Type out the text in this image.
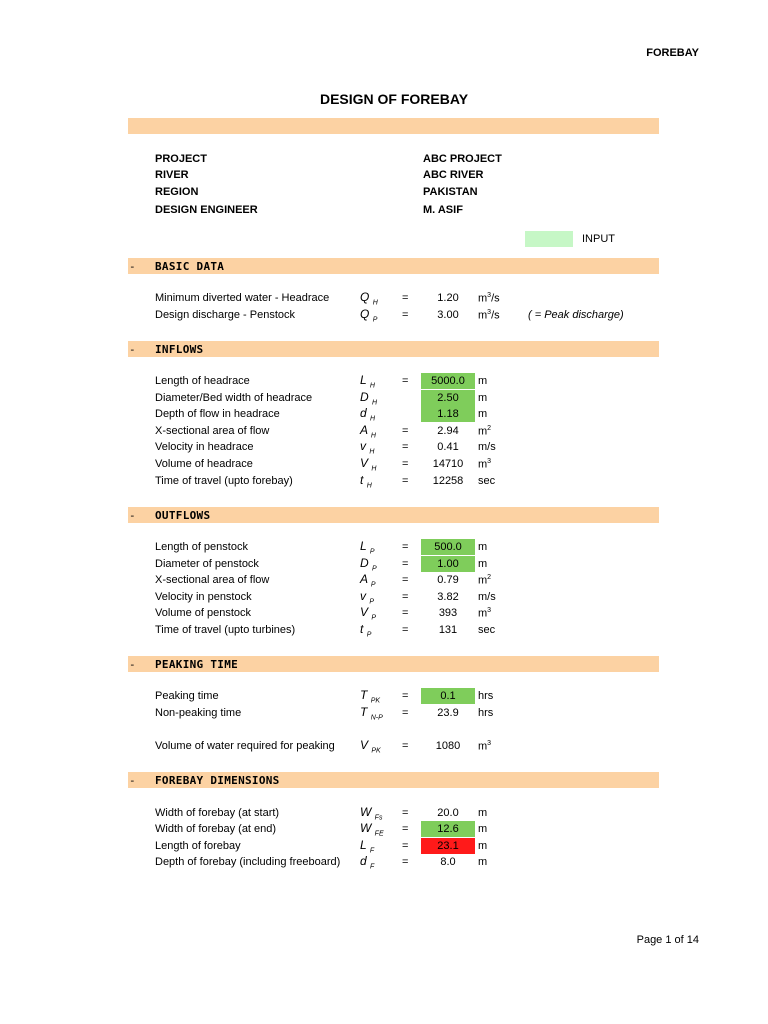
FOREBAY
DESIGN OF FOREBAY
PROJECT	ABC PROJECT
RIVER	ABC RIVER
REGION	PAKISTAN
DESIGN ENGINEER	M. ASIF
INPUT
- BASIC DATA
Minimum diverted water - Headrace	Q $_H$ =	1.20	$m^3/s$
Design discharge - Penstock	Q $_P$ =	3.00	$m^3/s$	( = Peak discharge)
- INFLOWS
Length of headrace	L $_H$ =	5000.0	m
Diameter/Bed width of headrace	D $_H$	2.50	m
Depth of flow in headrace	d $_H$	1.18	m
X-sectional area of flow	A $_H$ =	2.94	$m^2$
Velocity in headrace	v $_H$	=	0.41	m/s
Volume of headrace	V $_H$ =	14710	$m^3$
Time of travel (upto forebay)	t $_H$	=	12258	sec
- OUTFLOWS
Length of penstock	L $_P$	=	500.0	m
Diameter of penstock	D $_P$ =	1.00	m
X-sectional area of flow	A $_P$ =	0.79	$m^2$
Velocity in penstock	v $_P$	=	3.82	m/s
Volume of penstock	V $_P$ =	393	$m^3$
Time of travel (upto turbines)	t $_P$	=	131	sec
- PEAKING TIME
Peaking time	T $_{PK}$ =	0.1	hrs
Non-peaking time	T $_{N-P}$ =	23.9	hrs
Volume of water required for peaking V $_{PK}$ =	1080	$m^3$
- FOREBAY DIMENSIONS
Width of forebay (at start)	W $_{Fs}$ =	20.0	m
Width of forebay (at end)	W $_{FE}$ =	12.6	m
Length of forebay	L $_F$	=	23.1	m
Depth of forebay (including freeboard) d $_F$	=	8.0	m
Page 1 of 14
